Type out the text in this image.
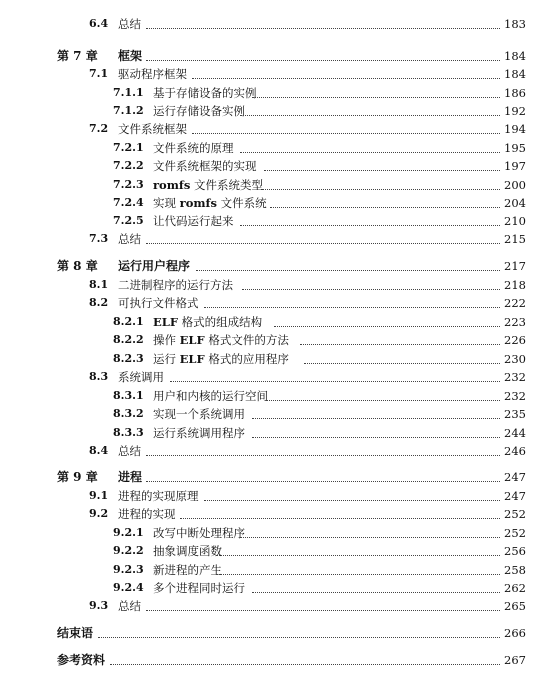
6.4 总结	183
第 7 章 框架	184
7.1 驱动程序框架	184
7.1.1 基于存储设备的实例	186
7.1.2 运行存储设备实例	192
7.2 文件系统框架	194
7.2.1 文件系统的原理	195
7.2.2 文件系统框架的实现	197
7.2.3 romfs 文件系统类型	200
7.2.4 实现 romfs 文件系统	204
7.2.5 让代码运行起来	210
7.3 总结	215
第 8 章 运行用户程序	217
8.1 二进制程序的运行方法	218
8.2 可执行文件格式	222
8.2.1 ELF 格式的组成结构	223
8.2.2 操作 ELF 格式文件的方法	226
8.2.3 运行 ELF 格式的应用程序	230
8.3 系统调用	232
8.3.1 用户和内核的运行空间	232
8.3.2 实现一个系统调用	235
8.3.3 运行系统调用程序	244
8.4 总结	246
第 9 章 进程	247
9.1 进程的实现原理	247
9.2 进程的实现	252
9.2.1 改写中断处理程序	252
9.2.2 抽象调度函数	256
9.2.3 新进程的产生	258
9.2.4 多个进程同时运行	262
9.3 总结	265
结束语	266
参考资料	267
